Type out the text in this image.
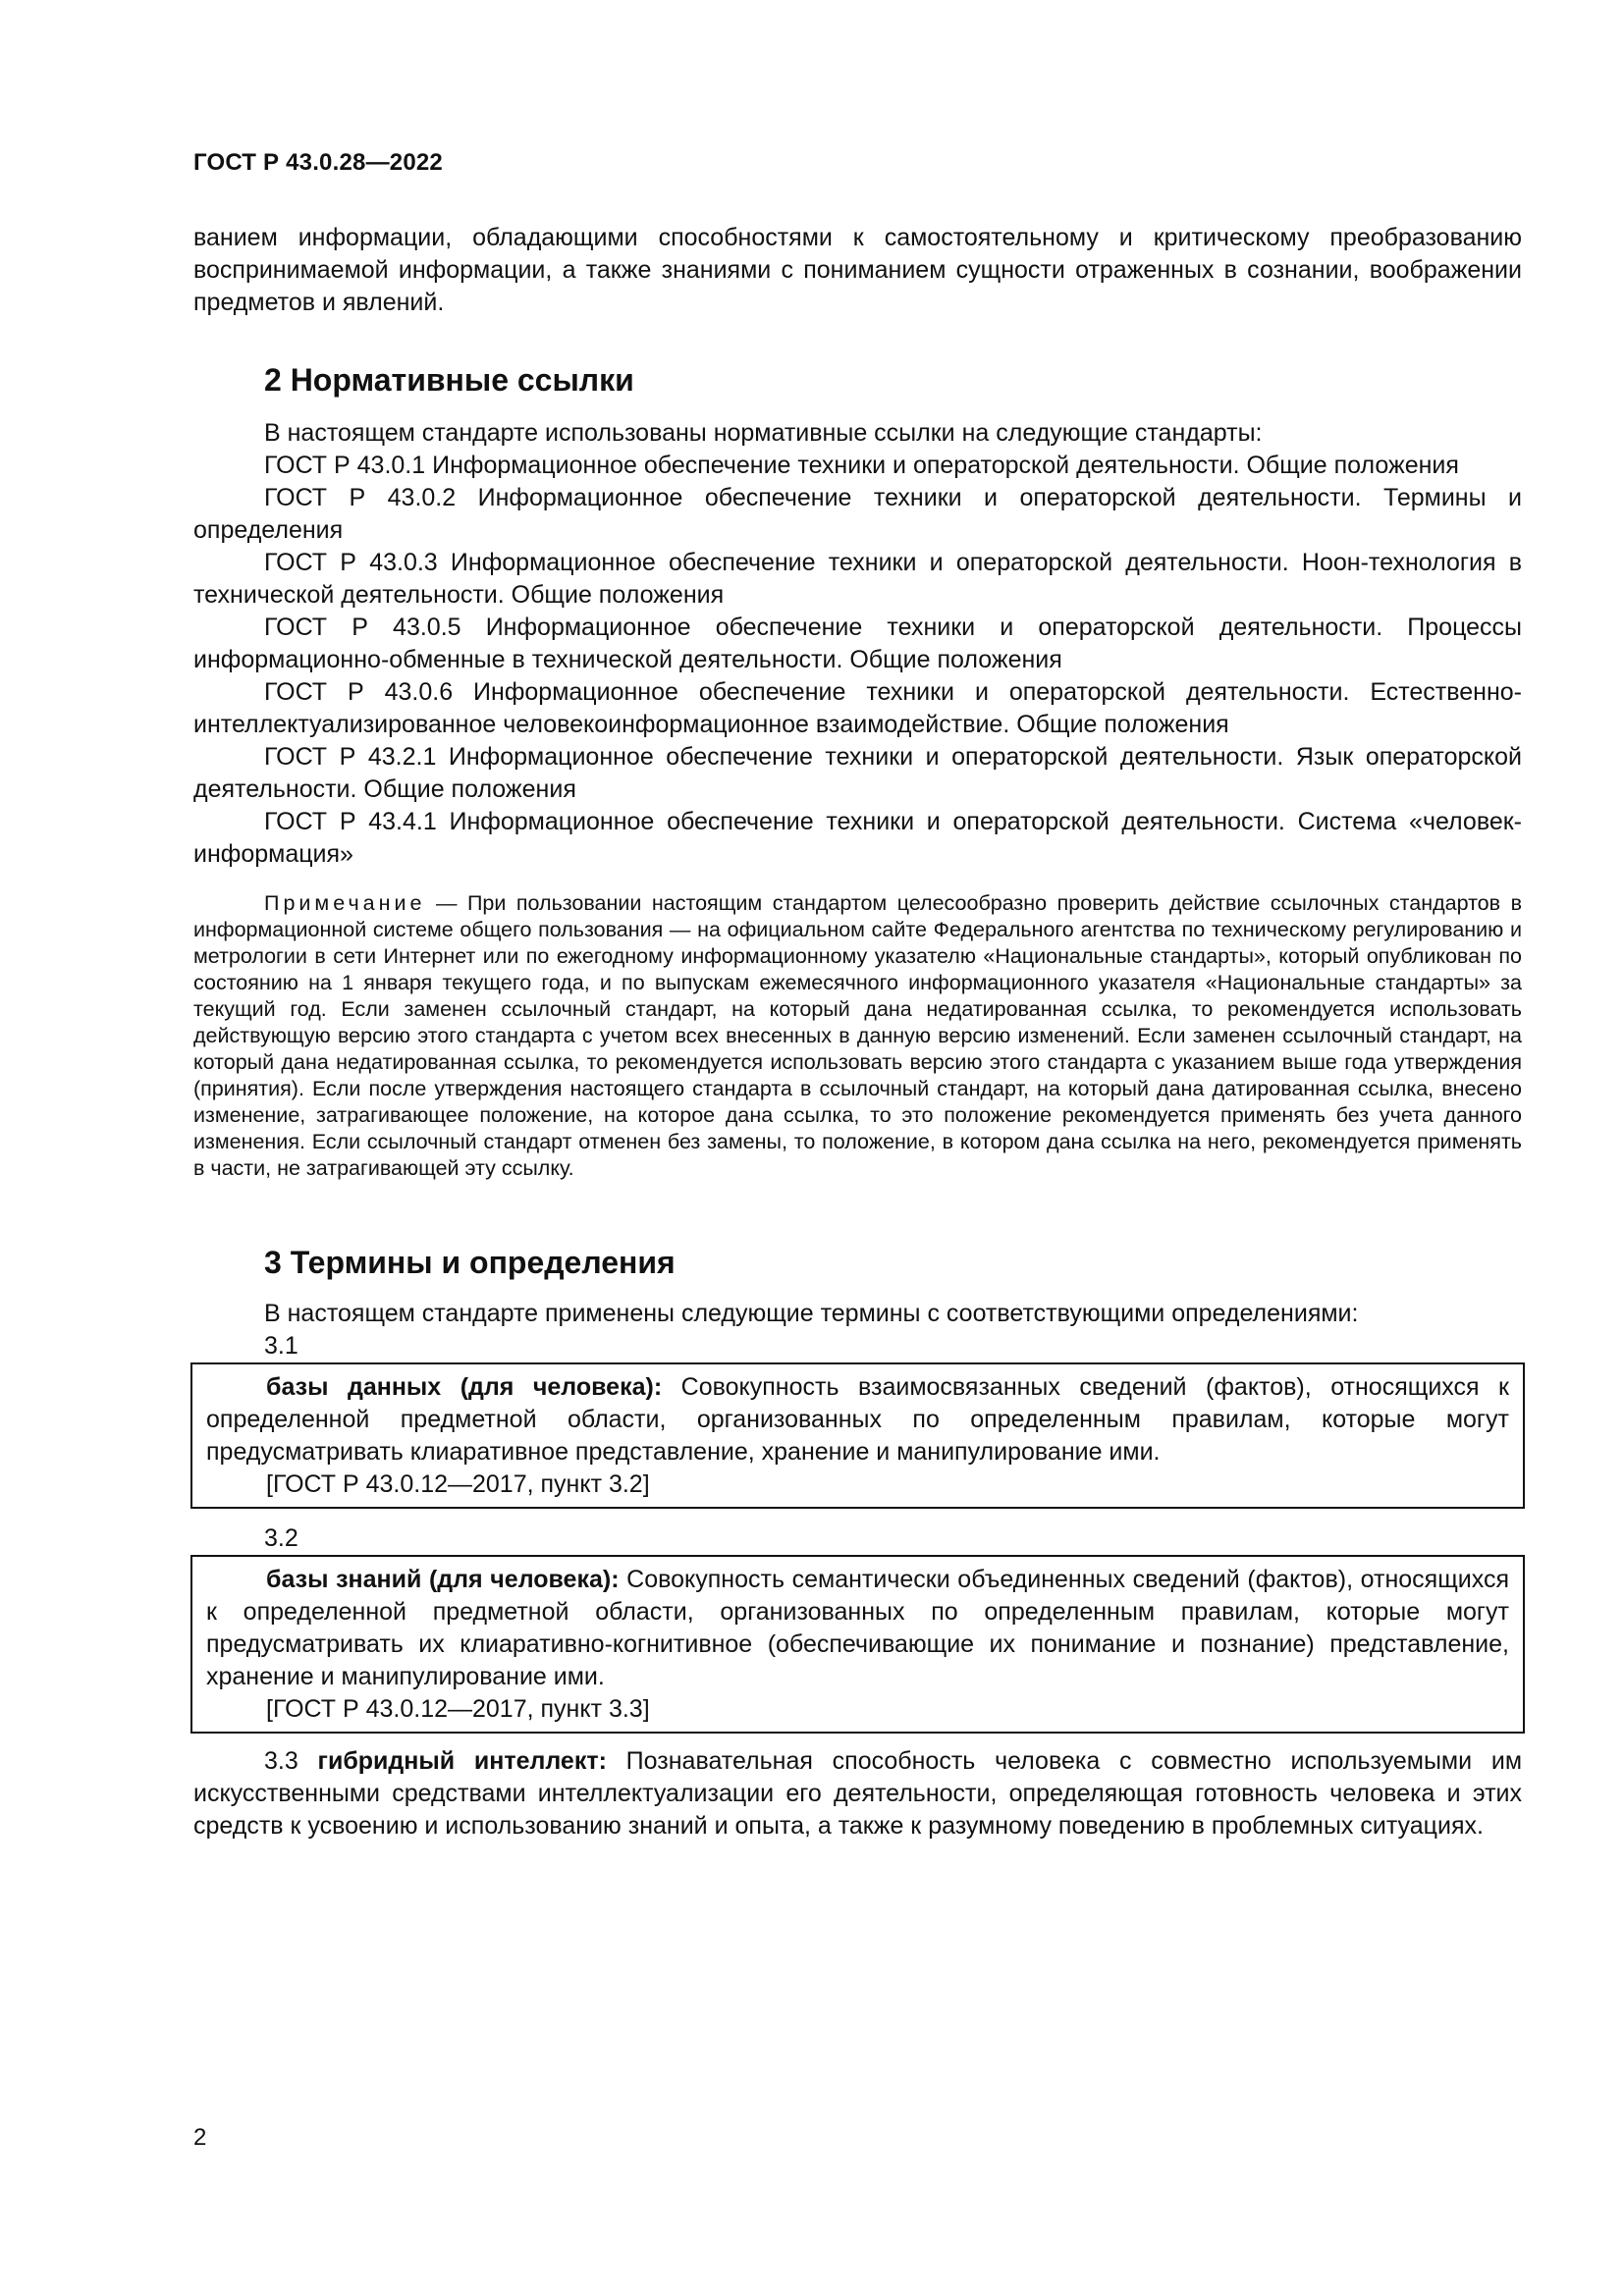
ГОСТ Р 43.0.28—2022

ванием информации, обладающими способностями к самостоятельному и критическому преобразованию воспринимаемой информации, а также знаниями с пониманием сущности отраженных в сознании, воображении предметов и явлений.

2 Нормативные ссылки

В настоящем стандарте использованы нормативные ссылки на следующие стандарты:

ГОСТ Р 43.0.1 Информационное обеспечение техники и операторской деятельности. Общие положения

ГОСТ Р 43.0.2 Информационное обеспечение техники и операторской деятельности. Термины и определения

ГОСТ Р 43.0.3 Информационное обеспечение техники и операторской деятельности. Ноон-технология в технической деятельности. Общие положения

ГОСТ Р 43.0.5 Информационное обеспечение техники и операторской деятельности. Процессы информационно-обменные в технической деятельности. Общие положения

ГОСТ Р 43.0.6 Информационное обеспечение техники и операторской деятельности. Естественно-интеллектуализированное человекоинформационное взаимодействие. Общие положения

ГОСТ Р 43.2.1 Информационное обеспечение техники и операторской деятельности. Язык операторской деятельности. Общие положения

ГОСТ Р 43.4.1 Информационное обеспечение техники и операторской деятельности. Система «человек-информация»

Примечание — При пользовании настоящим стандартом целесообразно проверить действие ссылочных стандартов в информационной системе общего пользования — на официальном сайте Федерального агентства по техническому регулированию и метрологии в сети Интернет или по ежегодному информационному указателю «Национальные стандарты», который опубликован по состоянию на 1 января текущего года, и по выпускам ежемесячного информационного указателя «Национальные стандарты» за текущий год. Если заменен ссылочный стандарт, на который дана недатированная ссылка, то рекомендуется использовать действующую версию этого стандарта с учетом всех внесенных в данную версию изменений. Если заменен ссылочный стандарт, на который дана недатированная ссылка, то рекомендуется использовать версию этого стандарта с указанием выше года утверждения (принятия). Если после утверждения настоящего стандарта в ссылочный стандарт, на который дана датированная ссылка, внесено изменение, затрагивающее положение, на которое дана ссылка, то это положение рекомендуется применять без учета данного изменения. Если ссылочный стандарт отменен без замены, то положение, в котором дана ссылка на него, рекомендуется применять в части, не затрагивающей эту ссылку.

3 Термины и определения

В настоящем стандарте применены следующие термины с соответствующими определениями:

3.1

базы данных (для человека): Совокупность взаимосвязанных сведений (фактов), относящихся к определенной предметной области, организованных по определенным правилам, которые могут предусматривать клиаративное представление, хранение и манипулирование ими.

[ГОСТ Р 43.0.12—2017, пункт 3.2]

3.2

базы знаний (для человека): Совокупность семантически объединенных сведений (фактов), относящихся к определенной предметной области, организованных по определенным правилам, которые могут предусматривать их клиаративно-когнитивное (обеспечивающие их понимание и познание) представление, хранение и манипулирование ими.

[ГОСТ Р 43.0.12—2017, пункт 3.3]

3.3 гибридный интеллект: Познавательная способность человека с совместно используемыми им искусственными средствами интеллектуализации его деятельности, определяющая готовность человека и этих средств к усвоению и использованию знаний и опыта, а также к разумному поведению в проблемных ситуациях.

2
